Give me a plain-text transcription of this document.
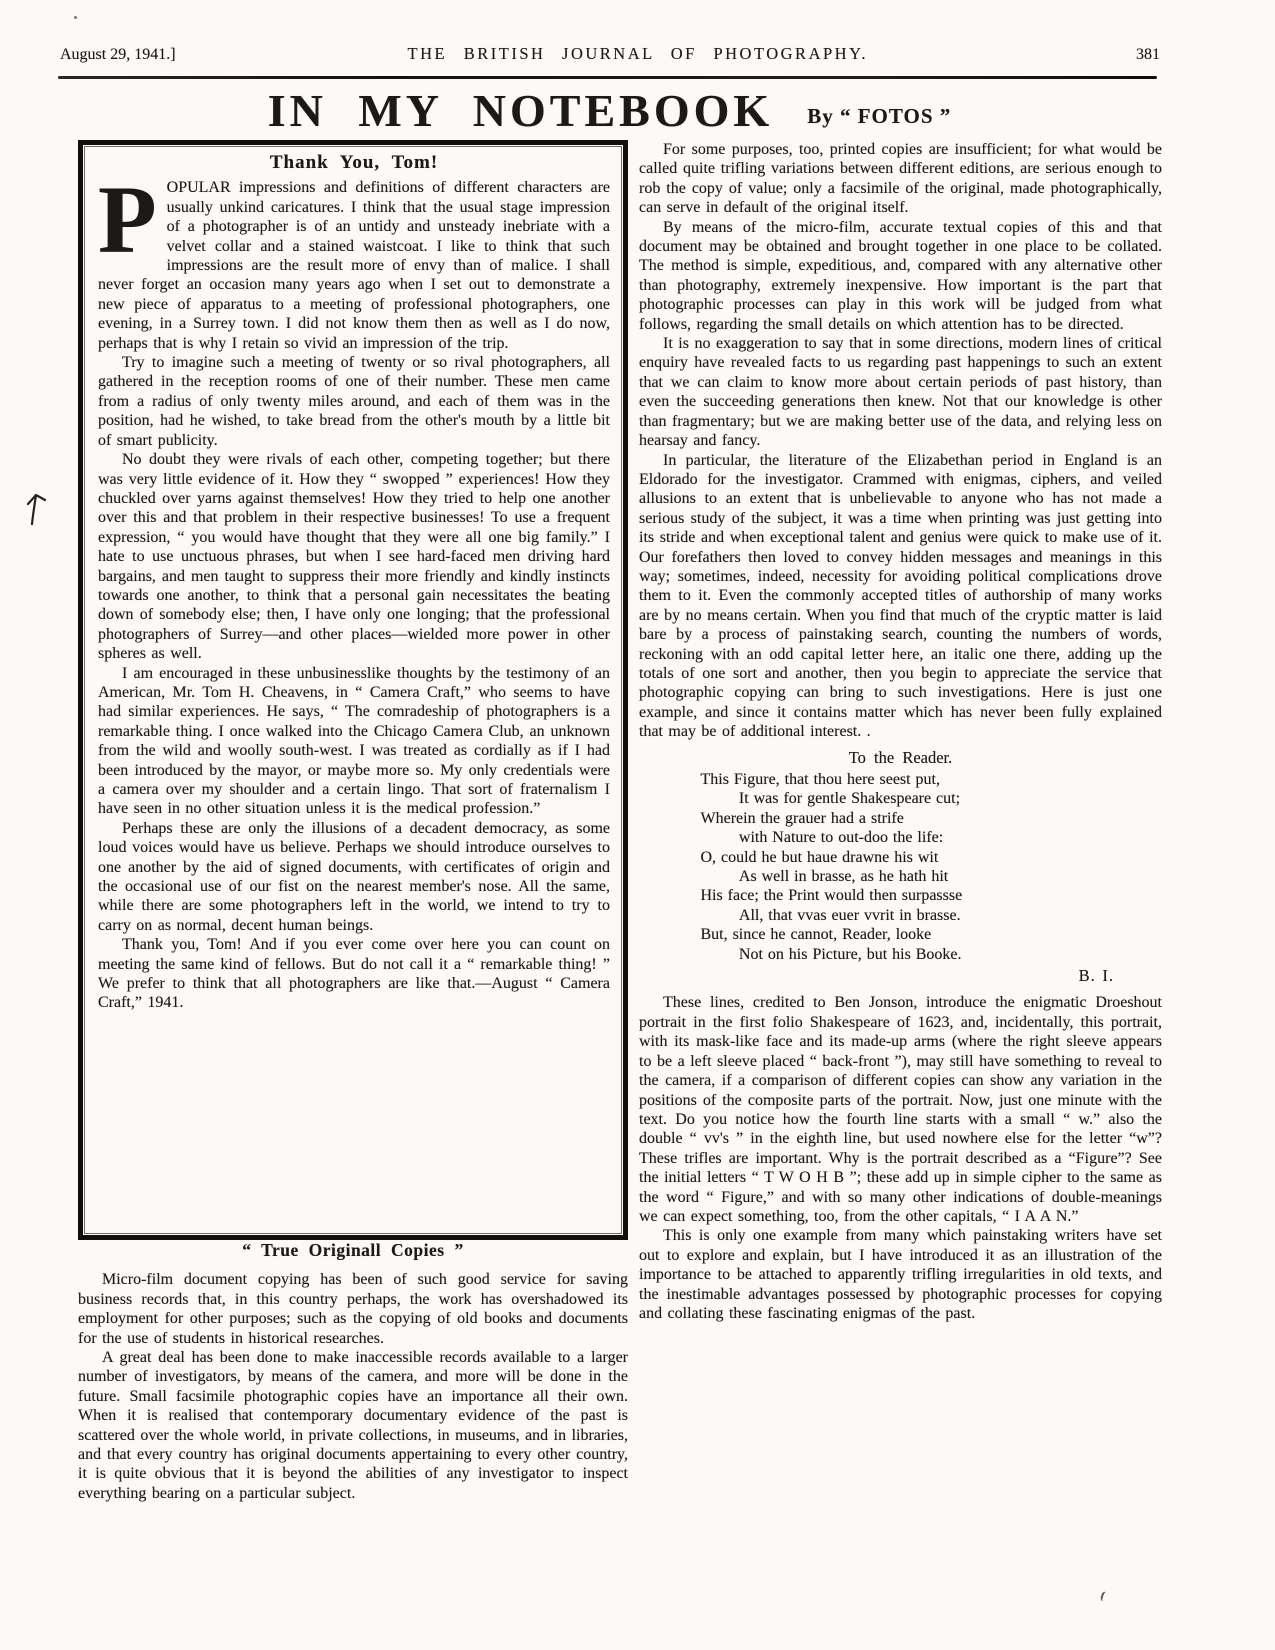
August 29, 1941.]	THE BRITISH JOURNAL OF PHOTOGRAPHY.	381
IN MY NOTEBOOK By “ FOTOS ”
Thank You, Tom!

POPULAR impressions and definitions of different characters are usually unkind caricatures. I think that the usual stage impression of a photographer is of an untidy and unsteady inebriate with a velvet collar and a stained waistcoat. I like to think that such impressions are the result more of envy than of malice. I shall never forget an occasion many years ago when I set out to demonstrate a new piece of apparatus to a meeting of professional photographers, one evening, in a Surrey town. I did not know them then as well as I do now, perhaps that is why I retain so vivid an impression of the trip.

Try to imagine such a meeting of twenty or so rival photographers, all gathered in the reception rooms of one of their number. These men came from a radius of only twenty miles around, and each of them was in the position, had he wished, to take bread from the other's mouth by a little bit of smart publicity.

No doubt they were rivals of each other, competing together; but there was very little evidence of it. How they “ swopped ” experiences! How they chuckled over yarns against themselves! How they tried to help one another over this and that problem in their respective businesses! To use a frequent expression, “ you would have thought that they were all one big family.” I hate to use unctuous phrases, but when I see hard-faced men driving hard bargains, and men taught to suppress their more friendly and kindly instincts towards one another, to think that a personal gain necessitates the beating down of somebody else; then, I have only one longing; that the professional photographers of Surrey—and other places—wielded more power in other spheres as well.

I am encouraged in these unbusinesslike thoughts by the testimony of an American, Mr. Tom H. Cheavens, in “ Camera Craft,” who seems to have had similar experiences. He says, “ The comradeship of photographers is a remarkable thing. I once walked into the Chicago Camera Club, an unknown from the wild and woolly south-west. I was treated as cordially as if I had been introduced by the mayor, or maybe more so. My only credentials were a camera over my shoulder and a certain lingo. That sort of fraternalism I have seen in no other situation unless it is the medical profession.”

Perhaps these are only the illusions of a decadent democracy, as some loud voices would have us believe. Perhaps we should introduce ourselves to one another by the aid of signed documents, with certificates of origin and the occasional use of our fist on the nearest member's nose. All the same, while there are some photographers left in the world, we intend to try to carry on as normal, decent human beings.

Thank you, Tom! And if you ever come over here you can count on meeting the same kind of fellows. But do not call it a “ remarkable thing! ” We prefer to think that all photographers are like that.—August “ Camera Craft,” 1941.

“ True Originall Copies ”

Micro-film document copying has been of such good service for saving business records that, in this country perhaps, the work has overshadowed its employment for other purposes; such as the copying of old books and documents for the use of students in historical researches.

A great deal has been done to make inaccessible records available to a larger number of investigators, by means of the camera, and more will be done in the future. Small facsimile photographic copies have an importance all their own. When it is realised that contemporary documentary evidence of the past is scattered over the whole world, in private collections, in museums, and in libraries, and that every country has original documents appertaining to every other country, it is quite obvious that it is beyond the abilities of any investigator to inspect everything bearing on a particular subject.

For some purposes, too, printed copies are insufficient; for what would be called quite trifling variations between different editions, are serious enough to rob the copy of value; only a facsimile of the original, made photographically, can serve in default of the original itself.

By means of the micro-film, accurate textual copies of this and that document may be obtained and brought together in one place to be collated. The method is simple, expeditious, and, compared with any alternative other than photography, extremely inexpensive. How important is the part that photographic processes can play in this work will be judged from what follows, regarding the small details on which attention has to be directed.

It is no exaggeration to say that in some directions, modern lines of critical enquiry have revealed facts to us regarding past happenings to such an extent that we can claim to know more about certain periods of past history, than even the succeeding generations then knew. Not that our knowledge is other than fragmentary; but we are making better use of the data, and relying less on hearsay and fancy.

In particular, the literature of the Elizabethan period in England is an Eldorado for the investigator. Crammed with enigmas, ciphers, and veiled allusions to an extent that is unbelievable to anyone who has not made a serious study of the subject, it was a time when printing was just getting into its stride and when exceptional talent and genius were quick to make use of it. Our forefathers then loved to convey hidden messages and meanings in this way; sometimes, indeed, necessity for avoiding political complications drove them to it. Even the commonly accepted titles of authorship of many works are by no means certain. When you find that much of the cryptic matter is laid bare by a process of painstaking search, counting the numbers of words, reckoning with an odd capital letter here, an italic one there, adding up the totals of one sort and another, then you begin to appreciate the service that photographic copying can bring to such investigations. Here is just one example, and since it contains matter which has never been fully explained that may be of additional interest. .

To the Reader.
This Figure, that thou here seest put,
It was for gentle Shakespeare cut;
Wherein the grauer had a strife
with Nature to out-doo the life:
O, could he but haue drawne his wit
As well in brasse, as he hath hit
His face; the Print would then surpassse
All, that vvas euer vvrit in brasse.
But, since he cannot, Reader, looke
Not on his Picture, but his Booke.
B. I.

These lines, credited to Ben Jonson, introduce the enigmatic Droeshout portrait in the first folio Shakespeare of 1623, and, incidentally, this portrait, with its mask-like face and its made-up arms (where the right sleeve appears to be a left sleeve placed “ back-front ”), may still have something to reveal to the camera, if a comparison of different copies can show any variation in the positions of the composite parts of the portrait. Now, just one minute with the text. Do you notice how the fourth line starts with a small “ w.” also the double “ vv's ” in the eighth line, but used nowhere else for the letter “w”? These trifles are important. Why is the portrait described as a “Figure”? See the initial letters “ T W O H B ”; these add up in simple cipher to the same as the word “ Figure,” and with so many other indications of double-meanings we can expect something, too, from the other capitals, “ I A A N.”

This is only one example from many which painstaking writers have set out to explore and explain, but I have introduced it as an illustration of the importance to be attached to apparently trifling irregularities in old texts, and the inestimable advantages possessed by photographic processes for copying and collating these fascinating enigmas of the past.
